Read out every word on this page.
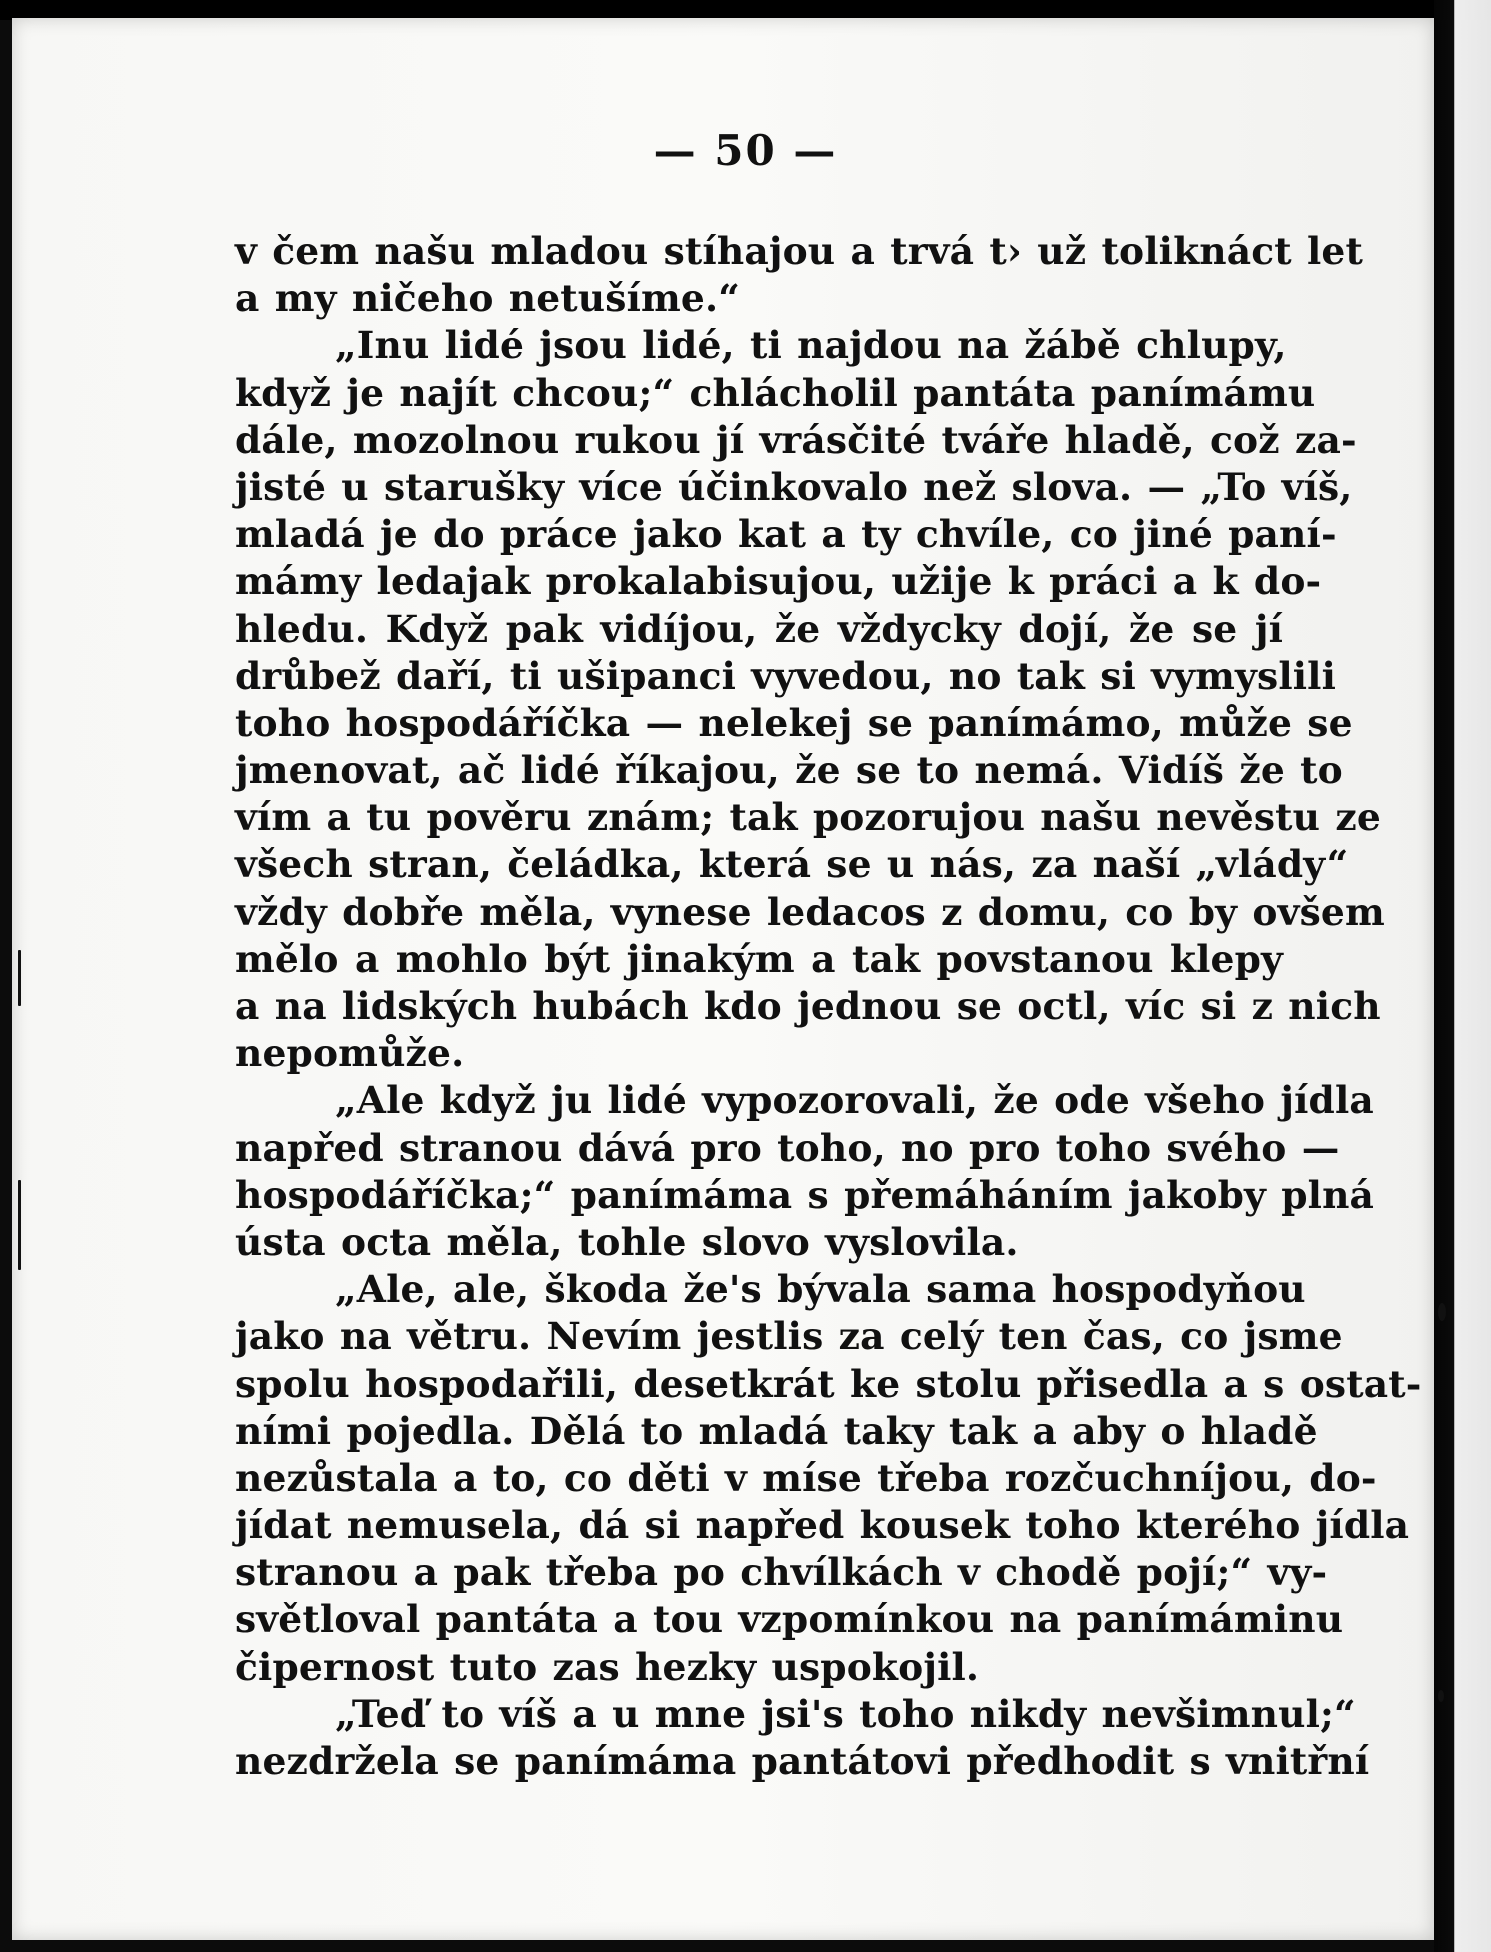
— 50 —
v čem našu mladou stíhajou a trvá t› už toliknáct let
a my ničeho netušíme.“
„Inu lidé jsou lidé, ti najdou na žábě chlupy,
když je najít chcou;“ chlácholil pantáta panímámu
dále, mozolnou rukou jí vrásčité tváře hladě, což za-
jisté u starušky více účinkovalo než slova. — „To víš,
mladá je do práce jako kat a ty chvíle, co jiné paní-
mámy ledajak prokalabisujou, užije k práci a k do-
hledu. Když pak vidíjou, že vždycky dojí, že se jí
drůbež daří, ti ušipanci vyvedou, no tak si vymyslili
toho hospodáříčka — nelekej se panímámo, může se
jmenovat, ač lidé říkajou, že se to nemá. Vidíš že to
vím a tu pověru znám; tak pozorujou našu nevěstu ze
všech stran, čeládka, která se u nás, za naší „vlády“
vždy dobře měla, vynese ledacos z domu, co by ovšem
mělo a mohlo být jinakým a tak povstanou klepy
a na lidských hubách kdo jednou se octl, víc si z nich
nepomůže.
„Ale když ju lidé vypozorovali, že ode všeho jídla
napřed stranou dává pro toho, no pro toho svého —
hospodáříčka;“ panímáma s přemáháním jakoby plná
ústa octa měla, tohle slovo vyslovila.
„Ale, ale, škoda že's bývala sama hospodyňou
jako na větru. Nevím jestlis za celý ten čas, co jsme
spolu hospodařili, desetkrát ke stolu přisedla a s ostat-
ními pojedla. Dělá to mladá taky tak a aby o hladě
nezůstala a to, co děti v míse třeba rozčuchníjou, do-
jídat nemusela, dá si napřed kousek toho kterého jídla
stranou a pak třeba po chvílkách v chodě pojí;“ vy-
světloval pantáta a tou vzpomínkou na panímáminu
čipernost tuto zas hezky uspokojil.
„Teď to víš a u mne jsi's toho nikdy nevšimnul;“
nezdržela se panímáma pantátovi předhodit s vnitřní
